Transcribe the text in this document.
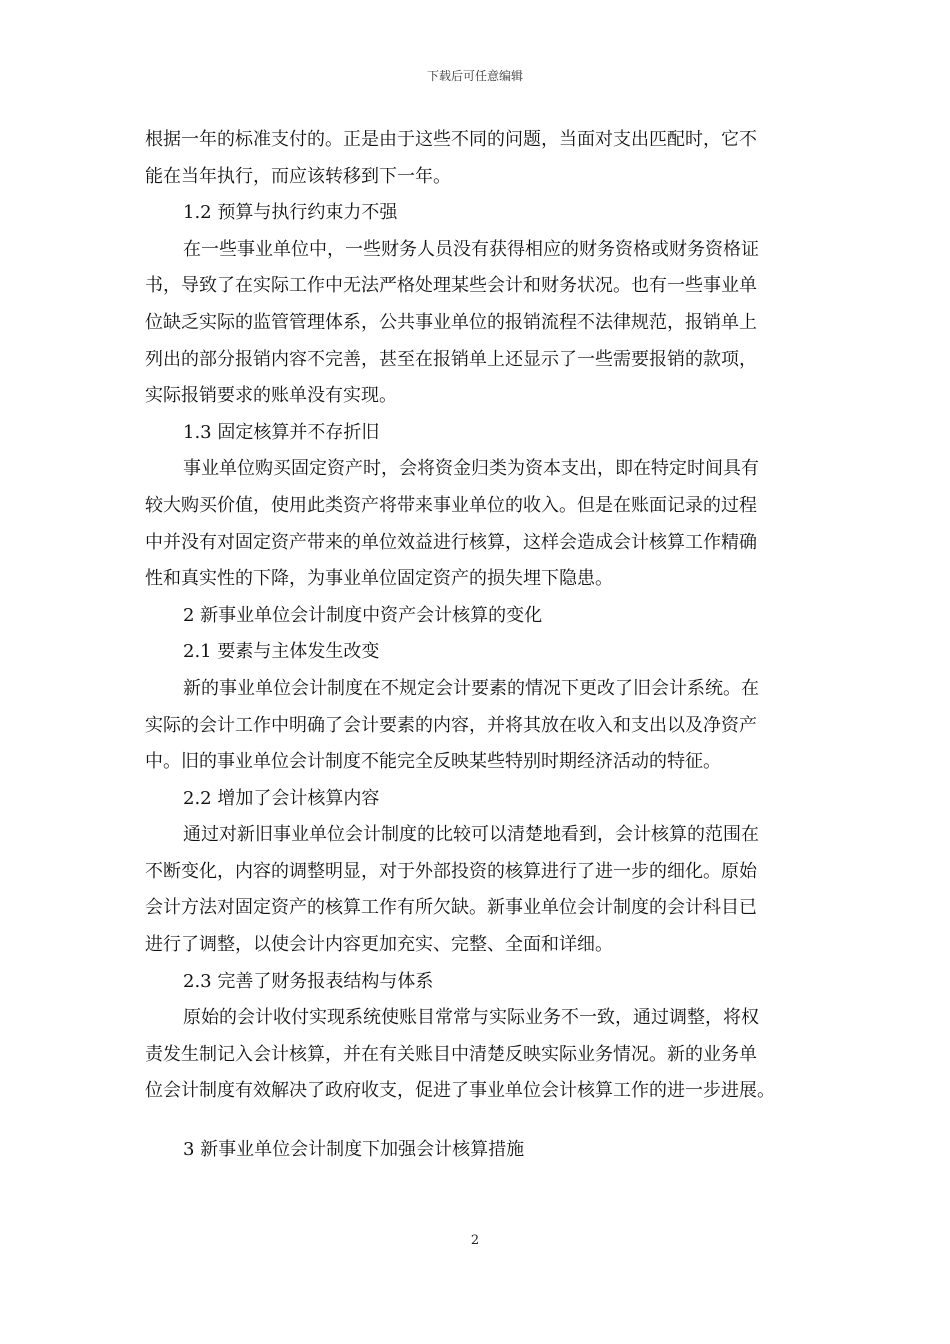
下载后可任意编辑
根据一年的标准支付的。正是由于这些不同的问题，当面对支出匹配时，它不
能在当年执行，而应该转移到下一年。
1.2 预算与执行约束力不强
在一些事业单位中，一些财务人员没有获得相应的财务资格或财务资格证
书，导致了在实际工作中无法严格处理某些会计和财务状况。也有一些事业单
位缺乏实际的监管管理体系，公共事业单位的报销流程不法律规范，报销单上
列出的部分报销内容不完善，甚至在报销单上还显示了一些需要报销的款项，
实际报销要求的账单没有实现。
1.3 固定核算并不存折旧
事业单位购买固定资产时，会将资金归类为资本支出，即在特定时间具有
较大购买价值，使用此类资产将带来事业单位的收入。但是在账面记录的过程
中并没有对固定资产带来的单位效益进行核算，这样会造成会计核算工作精确
性和真实性的下降，为事业单位固定资产的损失埋下隐患。
2 新事业单位会计制度中资产会计核算的变化
2.1 要素与主体发生改变
新的事业单位会计制度在不规定会计要素的情况下更改了旧会计系统。在
实际的会计工作中明确了会计要素的内容，并将其放在收入和支出以及净资产
中。旧的事业单位会计制度不能完全反映某些特别时期经济活动的特征。
2.2 增加了会计核算内容
通过对新旧事业单位会计制度的比较可以清楚地看到，会计核算的范围在
不断变化，内容的调整明显，对于外部投资的核算进行了进一步的细化。原始
会计方法对固定资产的核算工作有所欠缺。新事业单位会计制度的会计科目已
进行了调整，以使会计内容更加充实、完整、全面和详细。
2.3 完善了财务报表结构与体系
原始的会计收付实现系统使账目常常与实际业务不一致，通过调整，将权
责发生制记入会计核算，并在有关账目中清楚反映实际业务情况。新的业务单
位会计制度有效解决了政府收支，促进了事业单位会计核算工作的进一步进展。
3 新事业单位会计制度下加强会计核算措施
2
